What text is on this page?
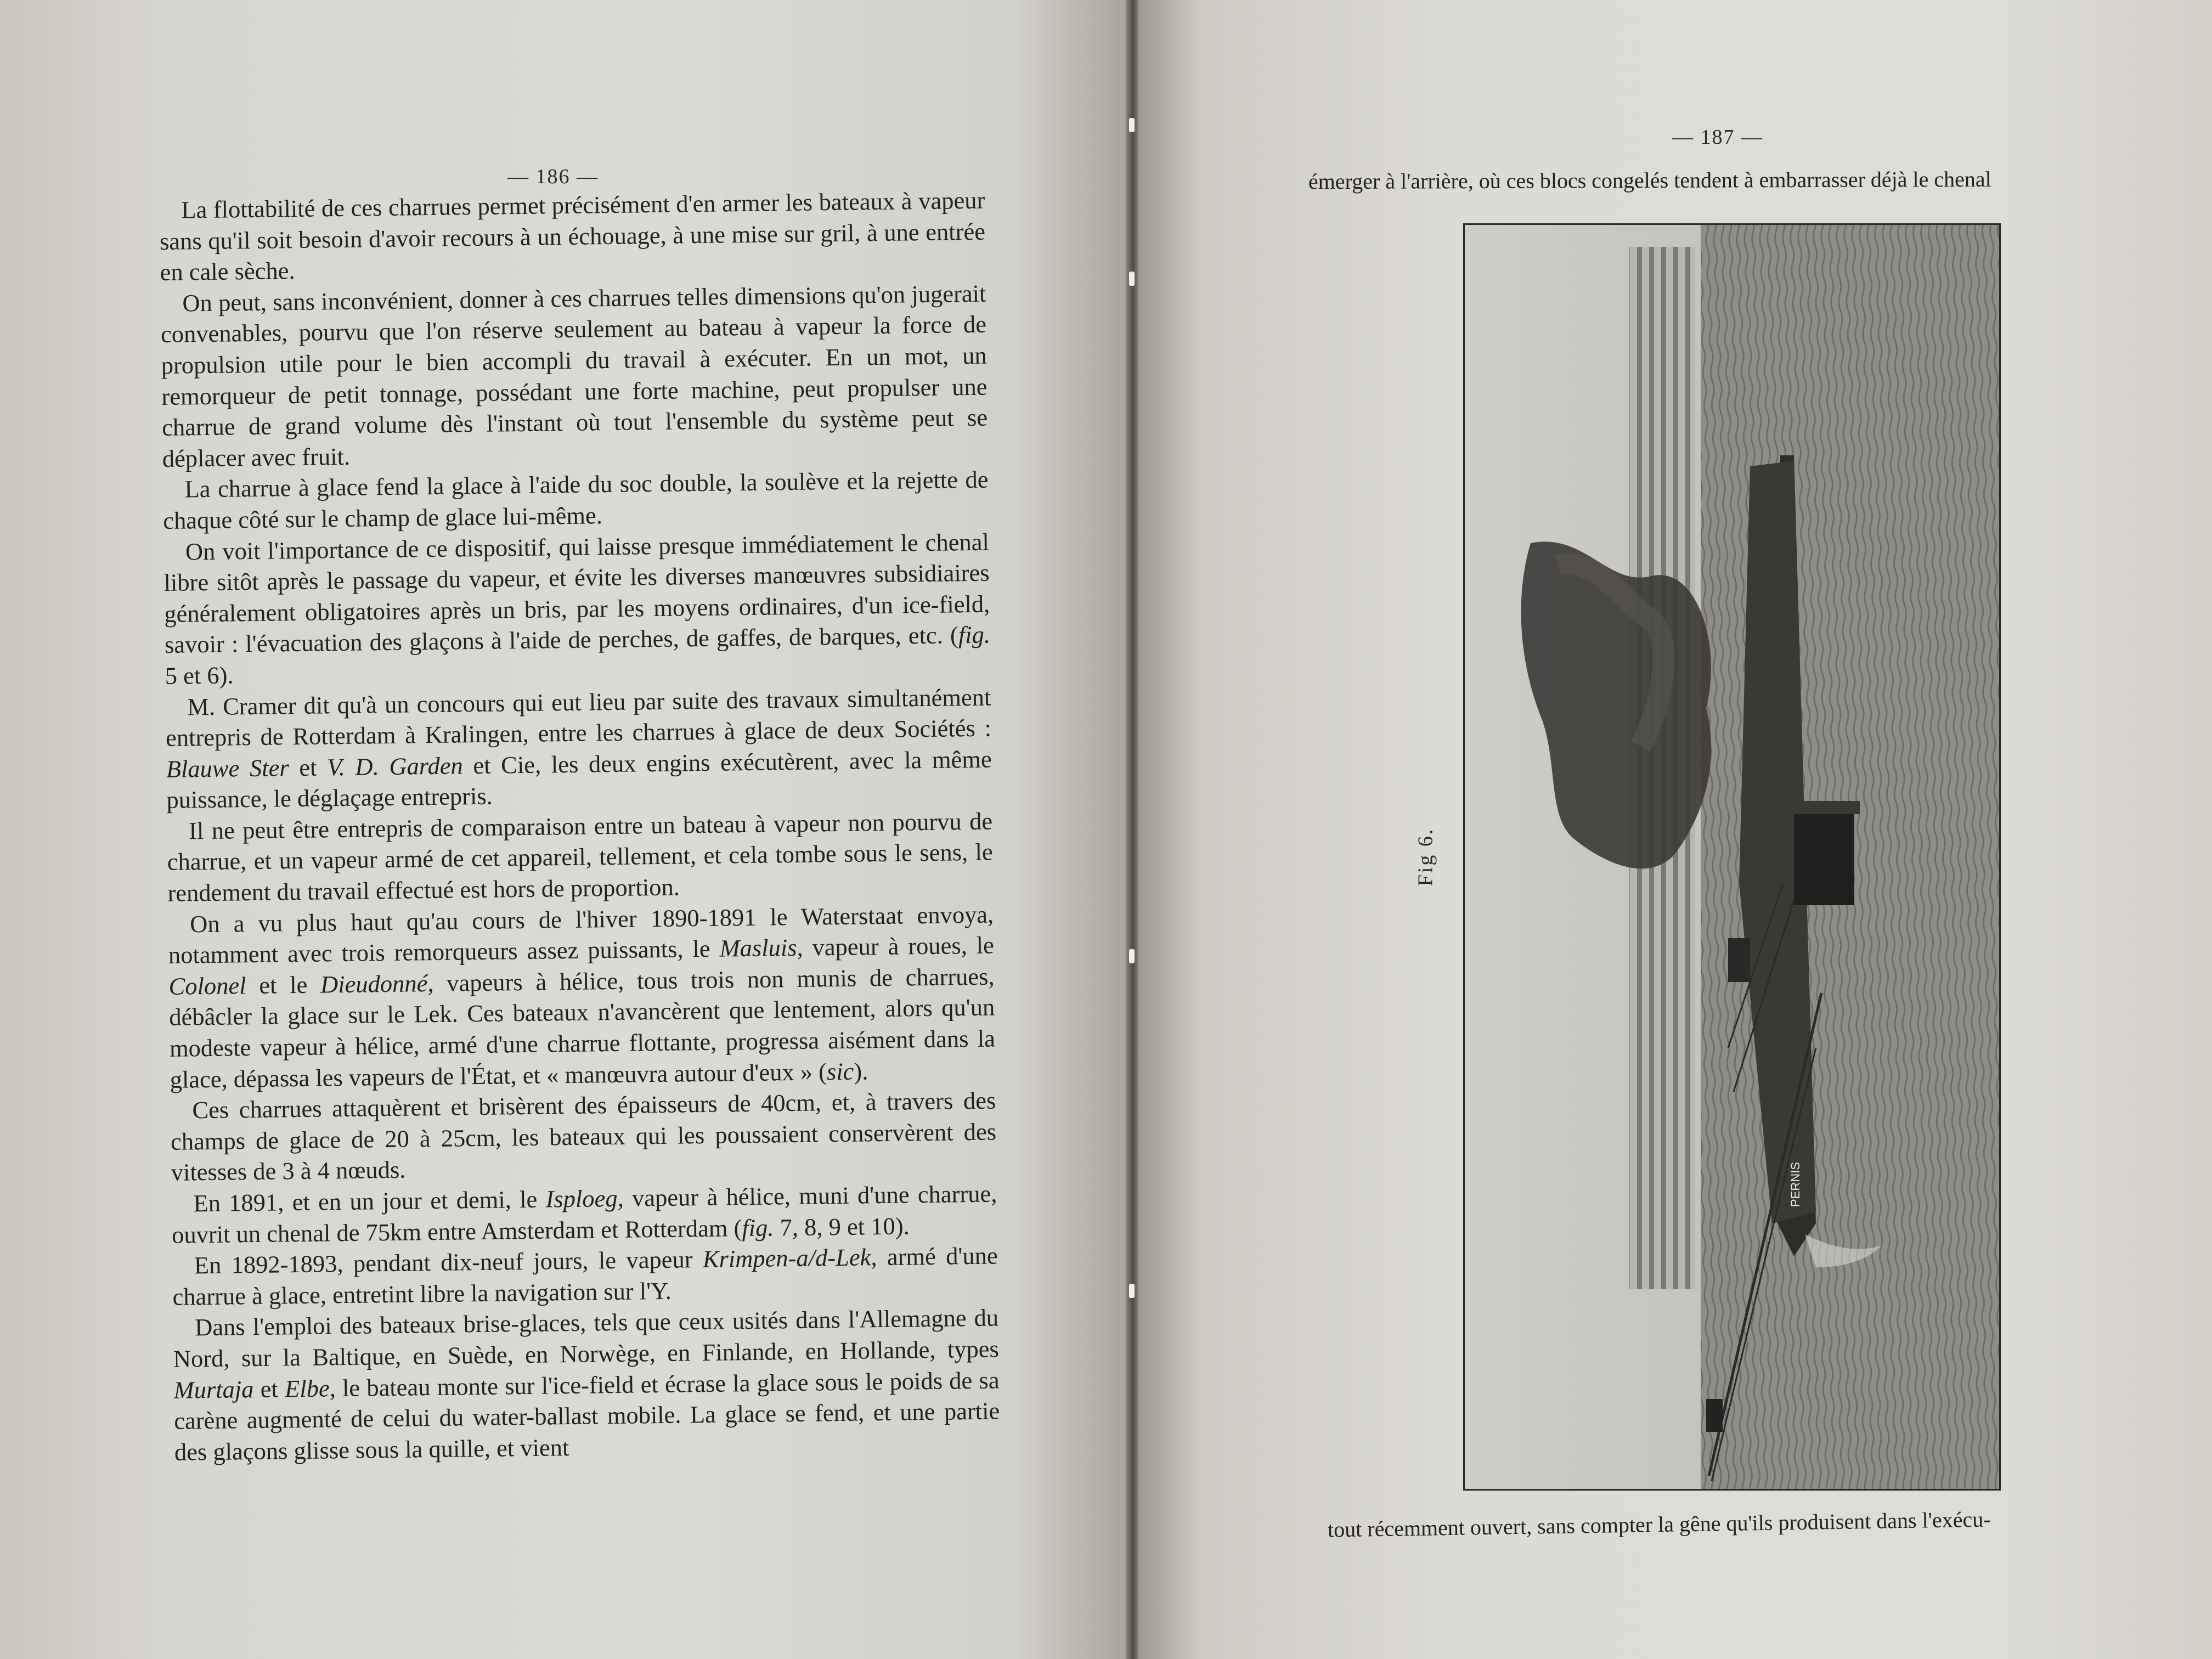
— 186 —

La flottabilité de ces charrues permet précisément d'en armer les bateaux à vapeur sans qu'il soit besoin d'avoir recours à un échouage, à une mise sur gril, à une entrée en cale sèche.

On peut, sans inconvénient, donner à ces charrues telles dimensions qu'on jugerait convenables, pourvu que l'on réserve seulement au bateau à vapeur la force de propulsion utile pour le bien accompli du travail à exécuter. En un mot, un remorqueur de petit tonnage, possédant une forte machine, peut propulser une charrue de grand volume dès l'instant où tout l'ensemble du système peut se déplacer avec fruit.

La charrue à glace fend la glace à l'aide du soc double, la soulève et la rejette de chaque côté sur le champ de glace lui-même.

On voit l'importance de ce dispositif, qui laisse presque immédiatement le chenal libre sitôt après le passage du vapeur, et évite les diverses manœuvres subsidiaires généralement obligatoires après un bris, par les moyens ordinaires, d'un ice-field, savoir : l'évacuation des glaçons à l'aide de perches, de gaffes, de barques, etc. (fig. 5 et 6).

M. Cramer dit qu'à un concours qui eut lieu par suite des travaux simultanément entrepris de Rotterdam à Kralingen, entre les charrues à glace de deux Sociétés : Blauwe Ster et V. D. Garden et Cie, les deux engins exécutèrent, avec la même puissance, le déglaçage entrepris.

Il ne peut être entrepris de comparaison entre un bateau à vapeur non pourvu de charrue, et un vapeur armé de cet appareil, tellement, et cela tombe sous le sens, le rendement du travail effectué est hors de proportion.

On a vu plus haut qu'au cours de l'hiver 1890-1891 le Waterstaat envoya, notamment avec trois remorqueurs assez puissants, le Masluis, vapeur à roues, le Colonel et le Dieudonné, vapeurs à hélice, tous trois non munis de charrues, débâcler la glace sur le Lek. Ces bateaux n'avancèrent que lentement, alors qu'un modeste vapeur à hélice, armé d'une charrue flottante, progressa aisément dans la glace, dépassa les vapeurs de l'État, et « manœuvra autour d'eux » (sic).

Ces charrues attaquèrent et brisèrent des épaisseurs de 40cm, et, à travers des champs de glace de 20 à 25cm, les bateaux qui les poussaient conservèrent des vitesses de 3 à 4 nœuds.

En 1891, et en un jour et demi, le Isploeg, vapeur à hélice, muni d'une charrue, ouvrit un chenal de 75km entre Amsterdam et Rotterdam (fig. 7, 8, 9 et 10).

En 1892-1893, pendant dix-neuf jours, le vapeur Krimpen-a/d-Lek, armé d'une charrue à glace, entretint libre la navigation sur l'Y.

Dans l'emploi des bateaux brise-glaces, tels que ceux usités dans l'Allemagne du Nord, sur la Baltique, en Suède, en Norwège, en Finlande, en Hollande, types Murtaja et Elbe, le bateau monte sur l'ice-field et écrase la glace sous le poids de sa carène augmenté de celui du water-ballast mobile. La glace se fend, et une partie des glaçons glisse sous la quille, et vient

— 187 —
émerger à l'arrière, où ces blocs congelés tendent à embarrasser déjà le chenal
Fig 6.
PERNIS
tout récemment ouvert, sans compter la gêne qu'ils produisent dans l'exécu-
